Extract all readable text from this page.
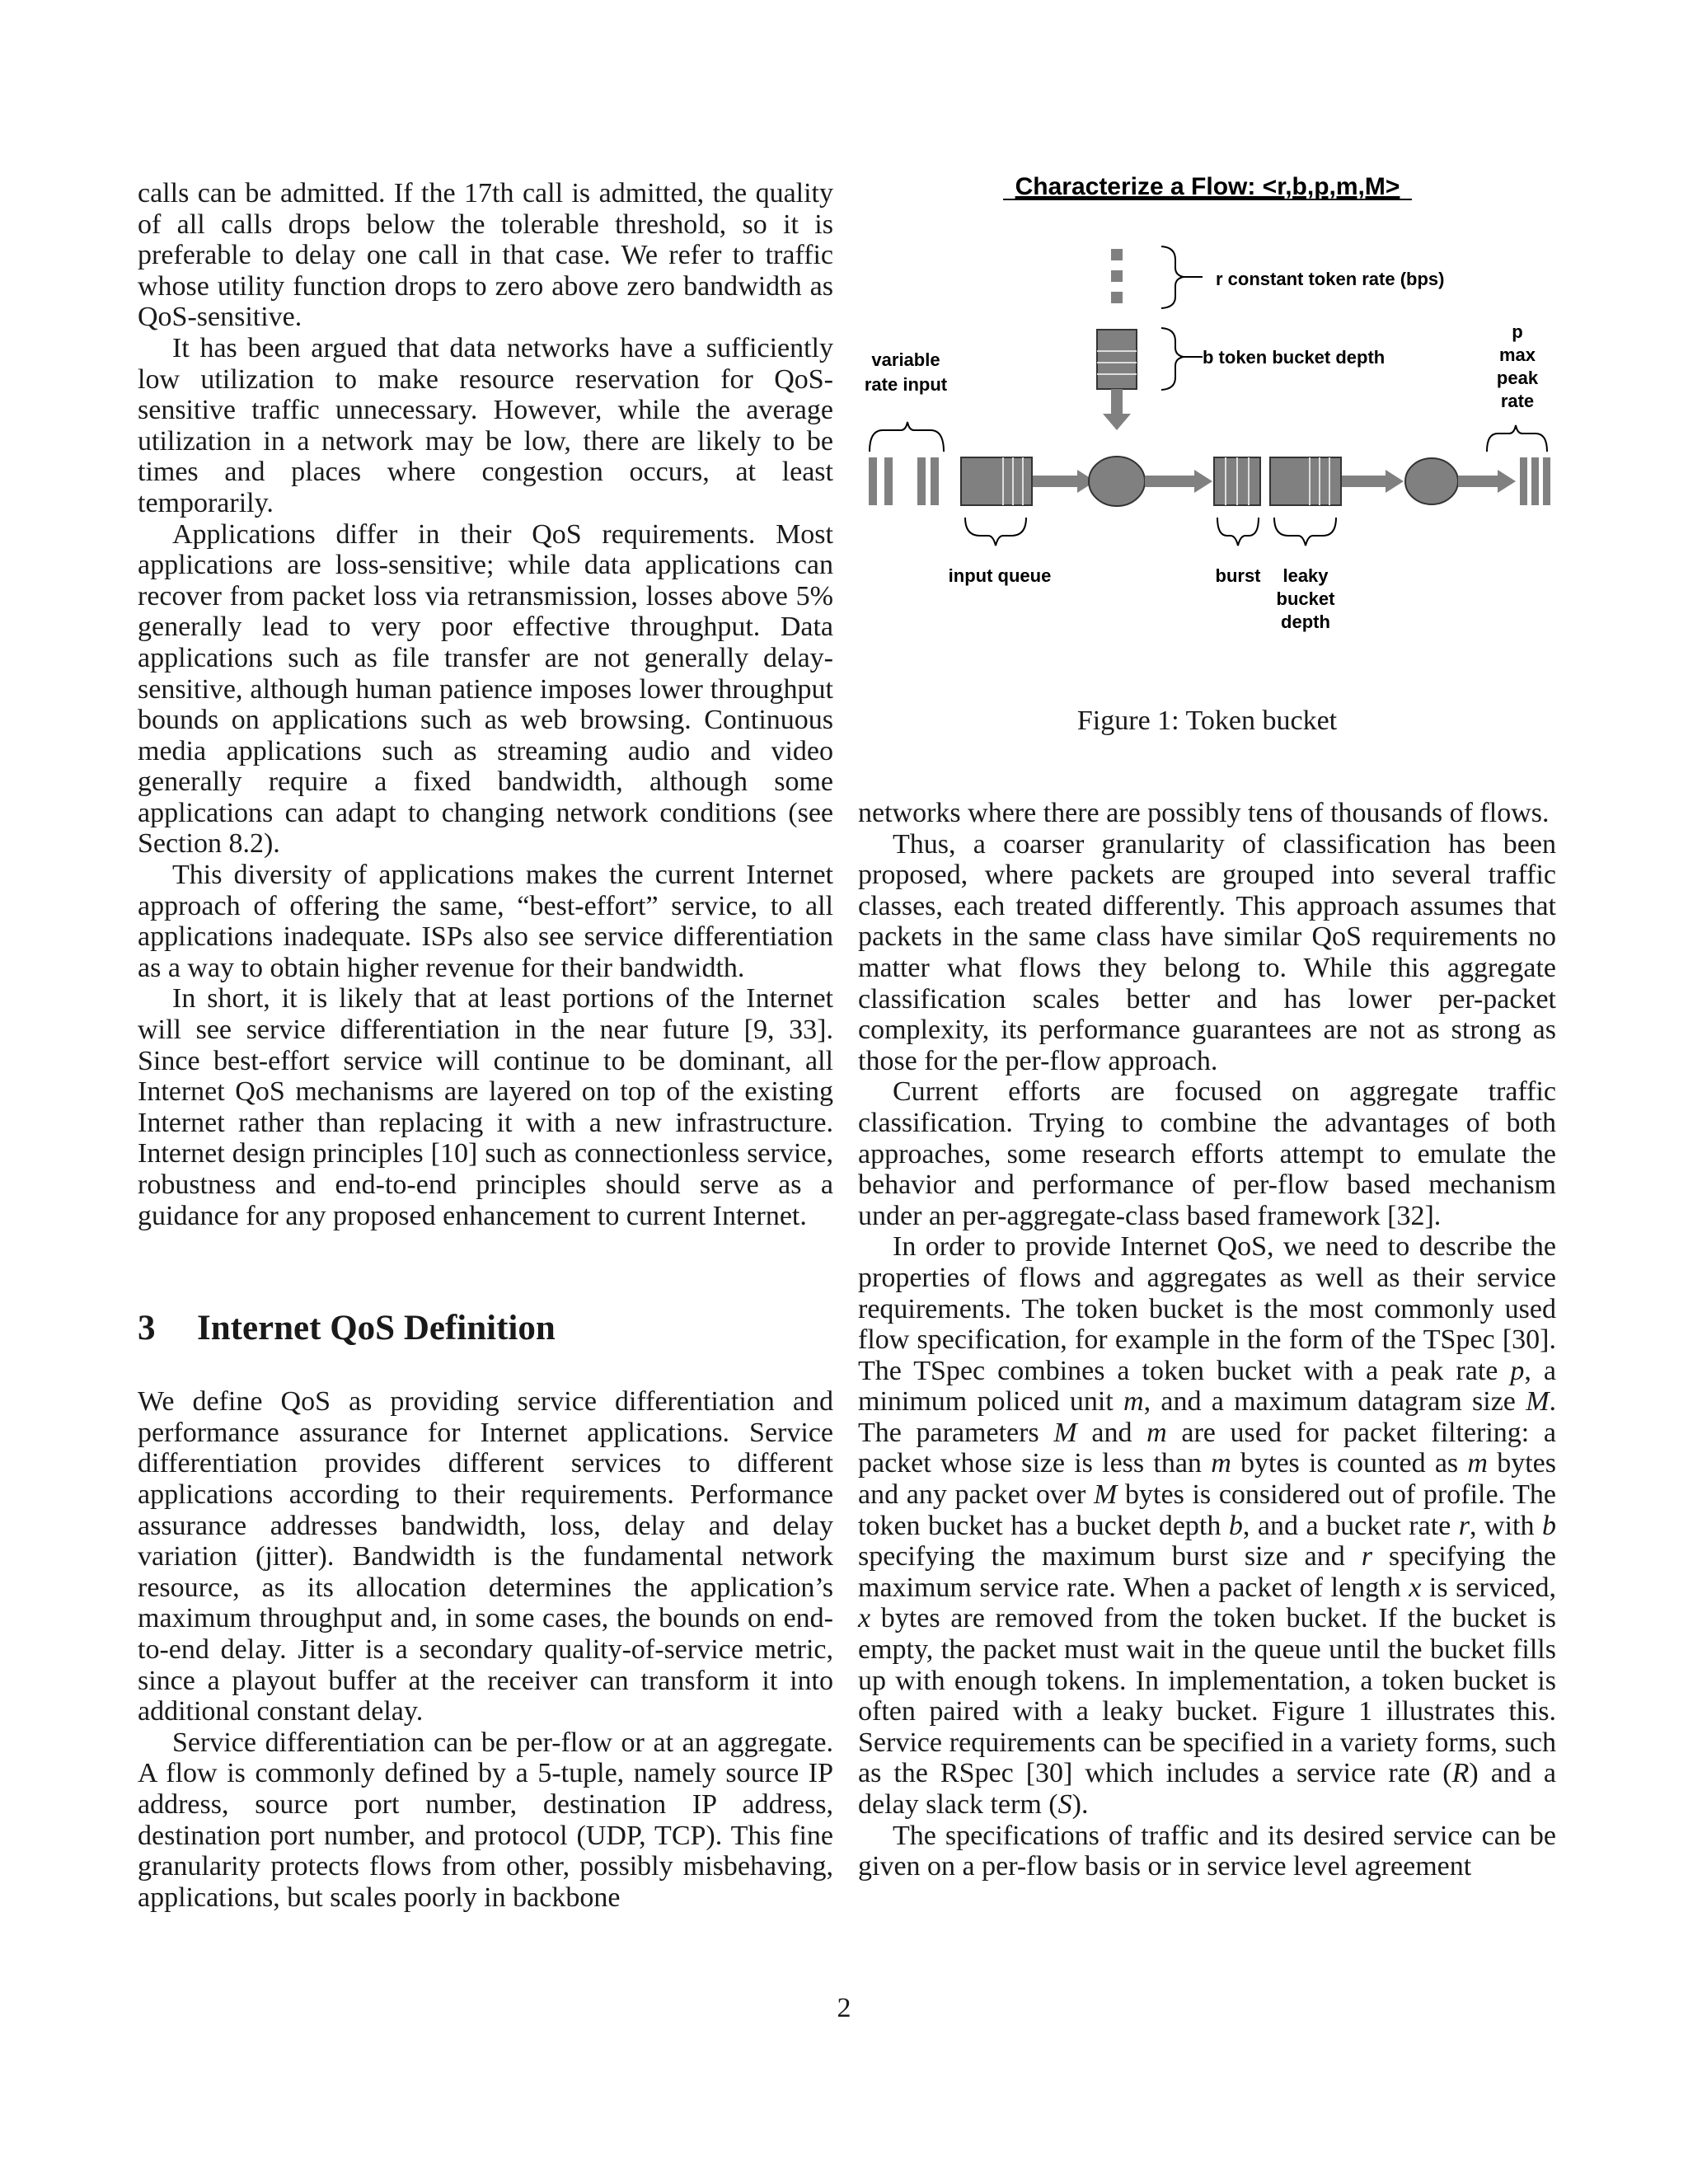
calls can be admitted. If the 17th call is admitted, the quality of all calls drops below the tolerable threshold, so it is preferable to delay one call in that case. We refer to traffic whose utility function drops to zero above zero bandwidth as QoS-sensitive.

It has been argued that data networks have a sufficiently low utilization to make resource reservation for QoS-sensitive traffic unnecessary. However, while the average utilization in a network may be low, there are likely to be times and places where congestion occurs, at least temporarily.

Applications differ in their QoS requirements. Most applications are loss-sensitive; while data applications can recover from packet loss via retransmission, losses above 5% generally lead to very poor effective throughput. Data applications such as file transfer are not generally delay-sensitive, although human patience imposes lower throughput bounds on applications such as web browsing. Continuous media applications such as streaming audio and video generally require a fixed bandwidth, although some applications can adapt to changing network conditions (see Section 8.2).

This diversity of applications makes the current Internet approach of offering the same, “best-effort” service, to all applications inadequate. ISPs also see service differentiation as a way to obtain higher revenue for their bandwidth.

In short, it is likely that at least portions of the Internet will see service differentiation in the near future [9, 33]. Since best-effort service will continue to be dominant, all Internet QoS mechanisms are layered on top of the existing Internet rather than replacing it with a new infrastructure. Internet design principles [10] such as connectionless service, robustness and end-to-end principles should serve as a guidance for any proposed enhancement to current Internet.

3 Internet QoS Definition

We define QoS as providing service differentiation and performance assurance for Internet applications. Service differentiation provides different services to different applications according to their requirements. Performance assurance addresses bandwidth, loss, delay and delay variation (jitter). Bandwidth is the fundamental network resource, as its allocation determines the application’s maximum throughput and, in some cases, the bounds on end-to-end delay. Jitter is a secondary quality-of-service metric, since a playout buffer at the receiver can transform it into additional constant delay.

Service differentiation can be per-flow or at an aggregate. A flow is commonly defined by a 5-tuple, namely source IP address, source port number, destination IP address, destination port number, and protocol (UDP, TCP). This fine granularity protects flows from other, possibly misbehaving, applications, but scales poorly in backbone

Characterize a Flow: <r,b,p,m,M>
r constant token rate (bps)
b token bucket depth
variable
rate input
p
max
peak
rate
input queue	burst leaky
bucket
depth

Figure 1: Token bucket

networks where there are possibly tens of thousands of flows.

Thus, a coarser granularity of classification has been proposed, where packets are grouped into several traffic classes, each treated differently. This approach assumes that packets in the same class have similar QoS requirements no matter what flows they belong to. While this aggregate classification scales better and has lower per-packet complexity, its performance guarantees are not as strong as those for the per-flow approach.

Current efforts are focused on aggregate traffic classification. Trying to combine the advantages of both approaches, some research efforts attempt to emulate the behavior and performance of per-flow based mechanism under an per-aggregate-class based framework [32].

In order to provide Internet QoS, we need to describe the properties of flows and aggregates as well as their service requirements. The token bucket is the most commonly used flow specification, for example in the form of the TSpec [30]. The TSpec combines a token bucket with a peak rate p, a minimum policed unit m, and a maximum datagram size M. The parameters M and m are used for packet filtering: a packet whose size is less than m bytes is counted as m bytes and any packet over M bytes is considered out of profile. The token bucket has a bucket depth b, and a bucket rate r, with b specifying the maximum burst size and r specifying the maximum service rate. When a packet of length x is serviced, x bytes are removed from the token bucket. If the bucket is empty, the packet must wait in the queue until the bucket fills up with enough tokens. In implementation, a token bucket is often paired with a leaky bucket. Figure 1 illustrates this. Service requirements can be specified in a variety forms, such as the RSpec [30] which includes a service rate (R) and a delay slack term (S).

The specifications of traffic and its desired service can be given on a per-flow basis or in service level agreement

2
